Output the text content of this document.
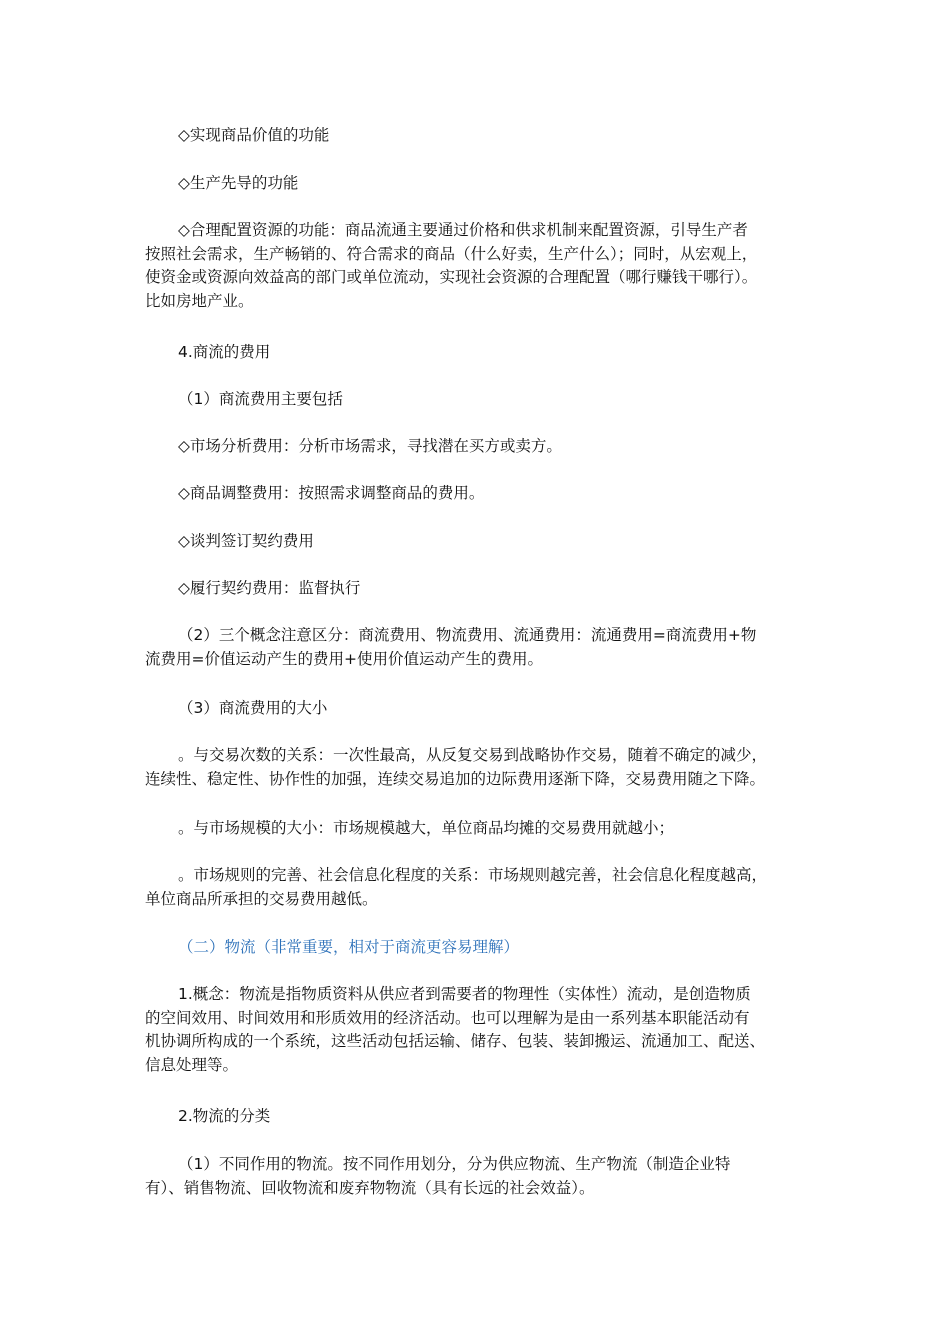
◇实现商品价值的功能
◇生产先导的功能
◇合理配置资源的功能：商品流通主要通过价格和供求机制来配置资源，引导生产者
按照社会需求，生产畅销的、符合需求的商品（什么好卖，生产什么）；同时，从宏观上，
使资金或资源向效益高的部门或单位流动，实现社会资源的合理配置（哪行赚钱干哪行）。
比如房地产业。
4.商流的费用
（1）商流费用主要包括
◇市场分析费用：分析市场需求，寻找潜在买方或卖方。
◇商品调整费用：按照需求调整商品的费用。
◇谈判签订契约费用
◇履行契约费用：监督执行
（2）三个概念注意区分：商流费用、物流费用、流通费用：流通费用=商流费用+物
流费用=价值运动产生的费用+使用价值运动产生的费用。
（3）商流费用的大小
。与交易次数的关系：一次性最高，从反复交易到战略协作交易，随着不确定的减少，
连续性、稳定性、协作性的加强，连续交易追加的边际费用逐渐下降，交易费用随之下降。
。与市场规模的大小：市场规模越大，单位商品均摊的交易费用就越小；
。市场规则的完善、社会信息化程度的关系：市场规则越完善，社会信息化程度越高，
单位商品所承担的交易费用越低。
（二）物流（非常重要，相对于商流更容易理解）
1.概念：物流是指物质资料从供应者到需要者的物理性（实体性）流动，是创造物质
的空间效用、时间效用和形质效用的经济活动。也可以理解为是由一系列基本职能活动有
机协调所构成的一个系统，这些活动包括运输、储存、包装、装卸搬运、流通加工、配送、
信息处理等。
2.物流的分类
（1）不同作用的物流。按不同作用划分，分为供应物流、生产物流（制造企业特
有）、销售物流、回收物流和废弃物物流（具有长远的社会效益）。
